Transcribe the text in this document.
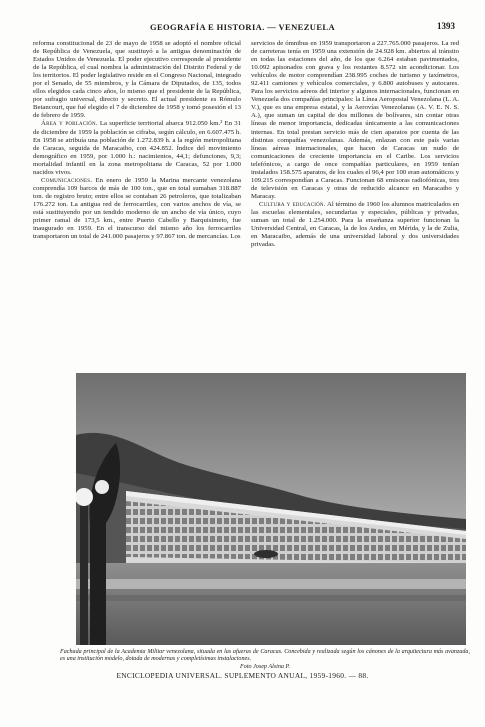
GEOGRAFÍA E HISTORIA. — VENEZUELA	1393

reforma constitucional de 23 de mayo de 1958 se adoptó el nombre oficial de República de Venezuela, que sustituyó a la antigua denominación de Estados Unidos de Venezuela. El poder ejecutivo corresponde al presidente de la República, el cual nombra la administración del Distrito Federal y de los territorios. El poder legislativo reside en el Congreso Nacional, integrado por el Senado, de 55 miembros, y la Cámara de Diputados, de 135, todos ellos elegidos cada cinco años, lo mismo que el presidente de la República, por sufragio universal, directo y secreto. El actual presidente es Rómulo Betancourt, que fué elegido el 7 de diciembre de 1958 y tomó posesión el 13 de febrero de 1959.

Área y población. La superficie territorial abarca 912.050 km.² En 31 de diciembre de 1959 la población se cifraba, según cálculo, en 6.607.475 h. En 1958 se atribuía una población de 1.272.839 h. a la región metropolitana de Caracas, seguida de Maracaibo, con 424.852. Índice del movimiento demográfico en 1959, por 1.000 h.: nacimientos, 44,1; defunciones, 9,3; mortalidad infantil en la zona metropolitana de Caracas, 52 por 1.000 nacidos vivos.

Comunicaciones. En enero de 1959 la Marina mercante venezolana comprendía 109 barcos de más de 100 ton., que en total sumaban 318.887 ton. de registro bruto; entre ellos se contaban 26 petroleros, que totalizaban 176.272 ton. La antigua red de ferrocarriles, con varios anchos de vía, se está sustituyendo por un tendido moderno de un ancho de vía único, cuyo primer ramal de 173,5 km., entre Puerto Cabello y Barquisimeto, fue inaugurado en 1959. En el transcurso del mismo año los ferrocarriles transportaron un total de 241.000 pasajeros y 97.867 ton. de mercancías. Los

servicios de ómnibus en 1959 transportaron a 227.765.000 pasajeros. La red de carreteras tenía en 1959 una extensión de 24.928 km. abiertos al tránsito en todas las estaciones del año, de los que 6.264 estaban pavimentados, 10.092 apisonados con grava y los restantes 8.572 sin acondicionar. Los vehículos de motor comprendían 238.995 coches de turismo y taxímetros, 92.411 camiones y vehículos comerciales, y 6.800 autobuses y autocares. Para los servicios aéreos del interior y algunos internacionales, funcionan en Venezuela dos compañías principales: la Línea Aeropostal Venezolana (L. A. V.), que es una empresa estatal, y la Aerovías Venezolanas (A. V. E. N. S. A.), que suman un capital de dos millones de bolívares, sin contar otras líneas de menor importancia, dedicadas únicamente a las comunicaciones internas. En total prestan servicio más de cien aparatos por cuenta de las distintas compañías venezolanas. Además, enlazan con este país varias líneas aéreas internacionales, que hacen de Caracas un nudo de comunicaciones de creciente importancia en el Caribe. Los servicios telefónicos, a cargo de once compañías particulares, en 1959 tenían instalados 158.575 aparatos, de los cuales el 96,4 por 100 eran automáticos y 109.215 correspondían a Caracas. Funcionan 68 emisoras radiofónicas, tres de televisión en Caracas y otras de reducido alcance en Maracaibo y Maracay.

Cultura y educación. Al término de 1960 los alumnos matriculados en las escuelas elementales, secundarias y especiales, públicas y privadas, suman un total de 1.254.000. Para la enseñanza superior funcionan la Universidad Central, en Caracas, la de los Andes, en Mérida, y la de Zulia, en Maracaibo, además de una universidad laboral y dos universidades privadas.

Fachada principal de la Academia Militar venezolana, situada en las afueras de Caracas. Concebida y realizada según los cánones de la arquitectura más avanzada, es una institución modelo, dotada de modernas y completísimas instalaciones.
Foto Josep Alsina P.
ENCICLOPEDIA UNIVERSAL. SUPLEMENTO ANUAL, 1959-1960. — 88.
